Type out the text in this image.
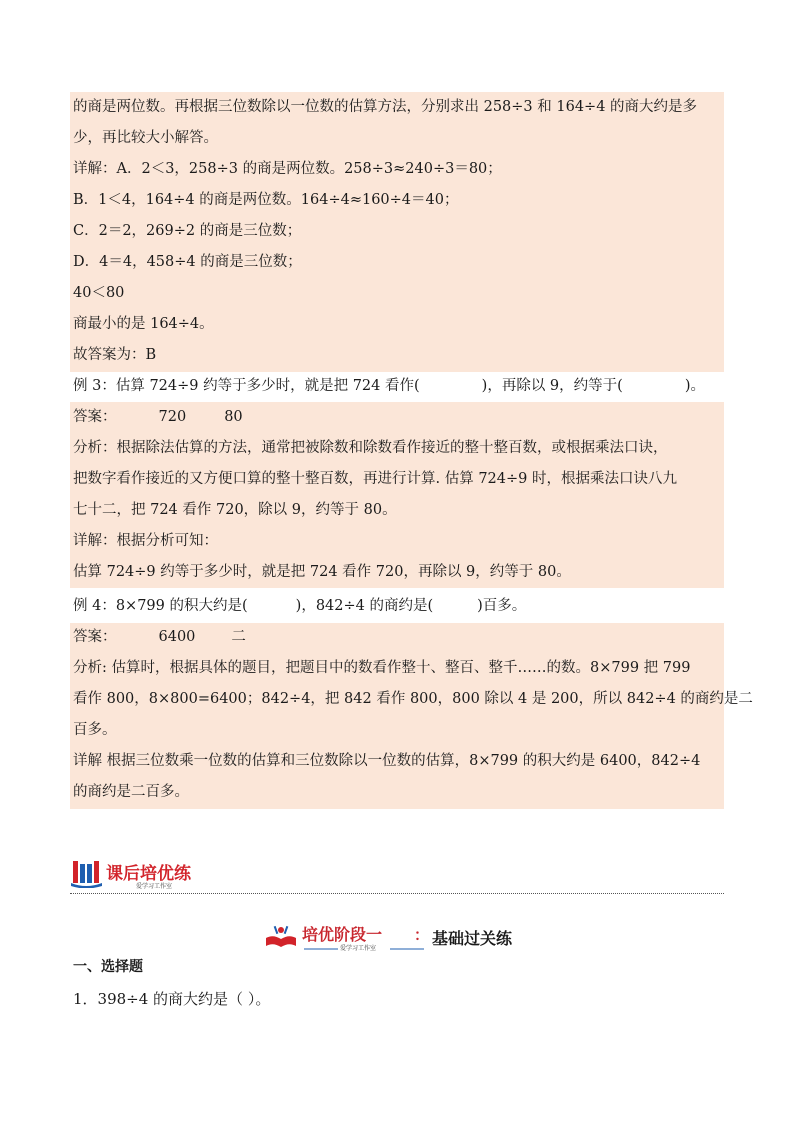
的商是两位数。再根据三位数除以一位数的估算方法，分别求出 258÷3 和 164÷4 的商大约是多
少，再比较大小解答。
详解：A．2＜3，258÷3 的商是两位数。258÷3≈240÷3＝80；
B．1＜4，164÷4 的商是两位数。164÷4≈160÷4＝40；
C．2＝2，269÷2 的商是三位数；
D．4＝4，458÷4 的商是三位数；
40＜80
商最小的是 164÷4。
故答案为：B
例 3：估算 724÷9 约等于多少时，就是把 724 看作(	)，再除以 9，约等于(	)。
答案：	720	80
分析：根据除法估算的方法，通常把被除数和除数看作接近的整十整百数，或根据乘法口诀，
把数字看作接近的又方便口算的整十整百数，再进行计算. 估算 724÷9 时，根据乘法口诀八九
七十二，把 724 看作 720，除以 9，约等于 80。
详解：根据分析可知：
估算 724÷9 约等于多少时，就是把 724 看作 720，再除以 9，约等于 80。
例 4：8×799 的积大约是(	)，842÷4 的商约是(	)百多。
答案：	6400 二
分析: 估算时，根据具体的题目，把题目中的数看作整十、整百、整千……的数。8×799 把 799
看作 800，8×800=6400；842÷4，把 842 看作 800，800 除以 4 是 200，所以 842÷4 的商约是二
百多。
详解 根据三位数乘一位数的估算和三位数除以一位数的估算，8×799 的积大约是 6400，842÷4
的商约是二百多。
课后培优练
爱学习工作室
培优阶段一
爱学习工作室
： 基础过关练
一、选择题
1．398÷4 的商大约是（ ）。
